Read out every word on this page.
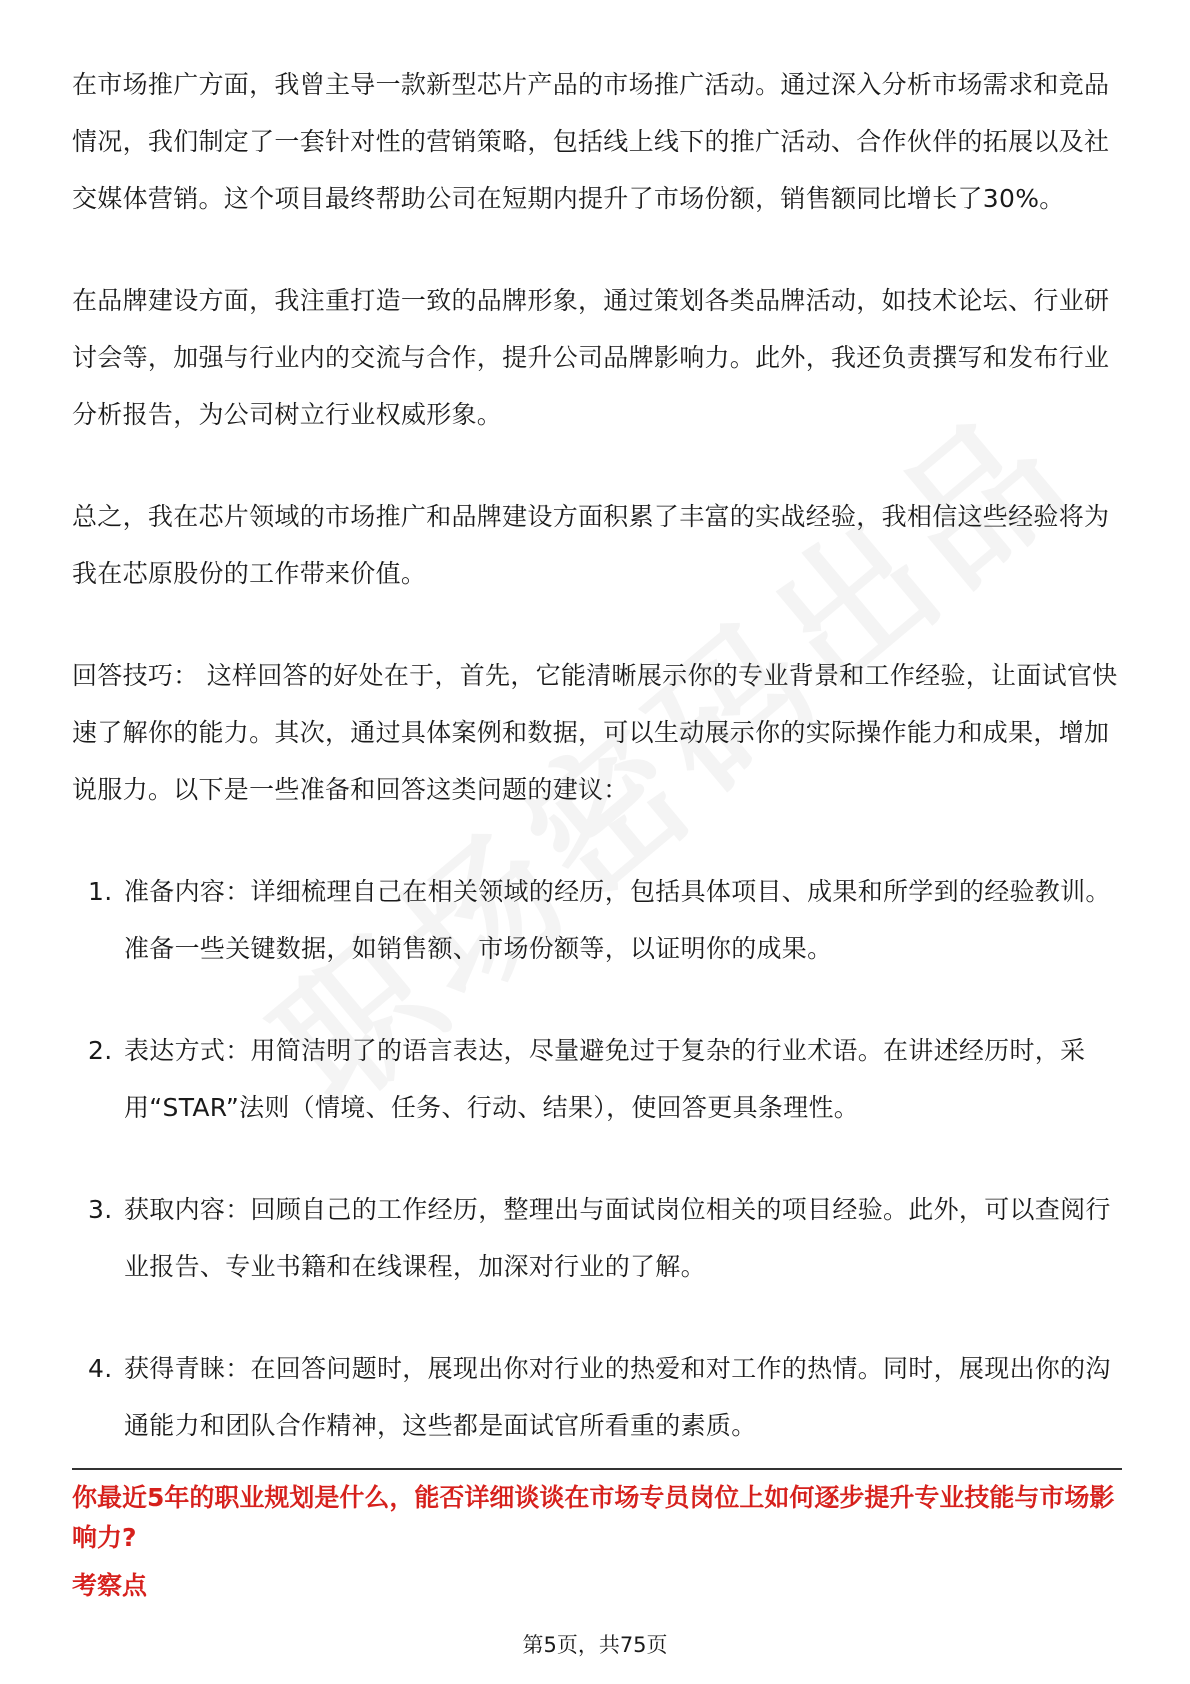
在市场推广方面，我曾主导一款新型芯片产品的市场推广活动。通过深入分析市场需求和竞品情况，我们制定了一套针对性的营销策略，包括线上线下的推广活动、合作伙伴的拓展以及社交媒体营销。这个项目最终帮助公司在短期内提升了市场份额，销售额同比增长了30%。

在品牌建设方面，我注重打造一致的品牌形象，通过策划各类品牌活动，如技术论坛、行业研讨会等，加强与行业内的交流与合作，提升公司品牌影响力。此外，我还负责撰写和发布行业分析报告，为公司树立行业权威形象。

总之，我在芯片领域的市场推广和品牌建设方面积累了丰富的实战经验，我相信这些经验将为我在芯原股份的工作带来价值。

回答技巧： 这样回答的好处在于，首先，它能清晰展示你的专业背景和工作经验，让面试官快速了解你的能力。其次，通过具体案例和数据，可以生动展示你的实际操作能力和成果，增加说服力。以下是一些准备和回答这类问题的建议：

1. 准备内容：详细梳理自己在相关领域的经历，包括具体项目、成果和所学到的经验教训。准备一些关键数据，如销售额、市场份额等，以证明你的成果。
2. 表达方式：用简洁明了的语言表达，尽量避免过于复杂的行业术语。在讲述经历时，采用“STAR”法则（情境、任务、行动、结果），使回答更具条理性。
3. 获取内容：回顾自己的工作经历，整理出与面试岗位相关的项目经验。此外，可以查阅行业报告、专业书籍和在线课程，加深对行业的了解。
4. 获得青睐：在回答问题时，展现出你对行业的热爱和对工作的热情。同时，展现出你的沟通能力和团队合作精神，这些都是面试官所看重的素质。
你最近5年的职业规划是什么，能否详细谈谈在市场专员岗位上如何逐步提升专业技能与市场影响力?
考察点
第5页，共75页
